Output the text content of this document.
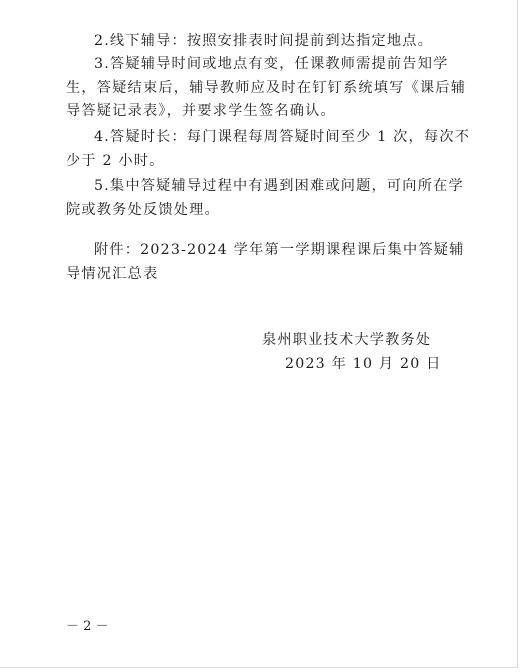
2.线下辅导：按照安排表时间提前到达指定地点。

3.答疑辅导时间或地点有变，任课教师需提前告知学生，答疑结束后，辅导教师应及时在钉钉系统填写《课后辅导答疑记录表》，并要求学生签名确认。

4.答疑时长：每门课程每周答疑时间至少 1 次，每次不少于 2 小时。

5.集中答疑辅导过程中有遇到困难或问题，可向所在学院或教务处反馈处理。

附件：2023-2024 学年第一学期课程课后集中答疑辅导情况汇总表

泉州职业技术大学教务处
2023 年 10 月 20 日
－ 2 －
